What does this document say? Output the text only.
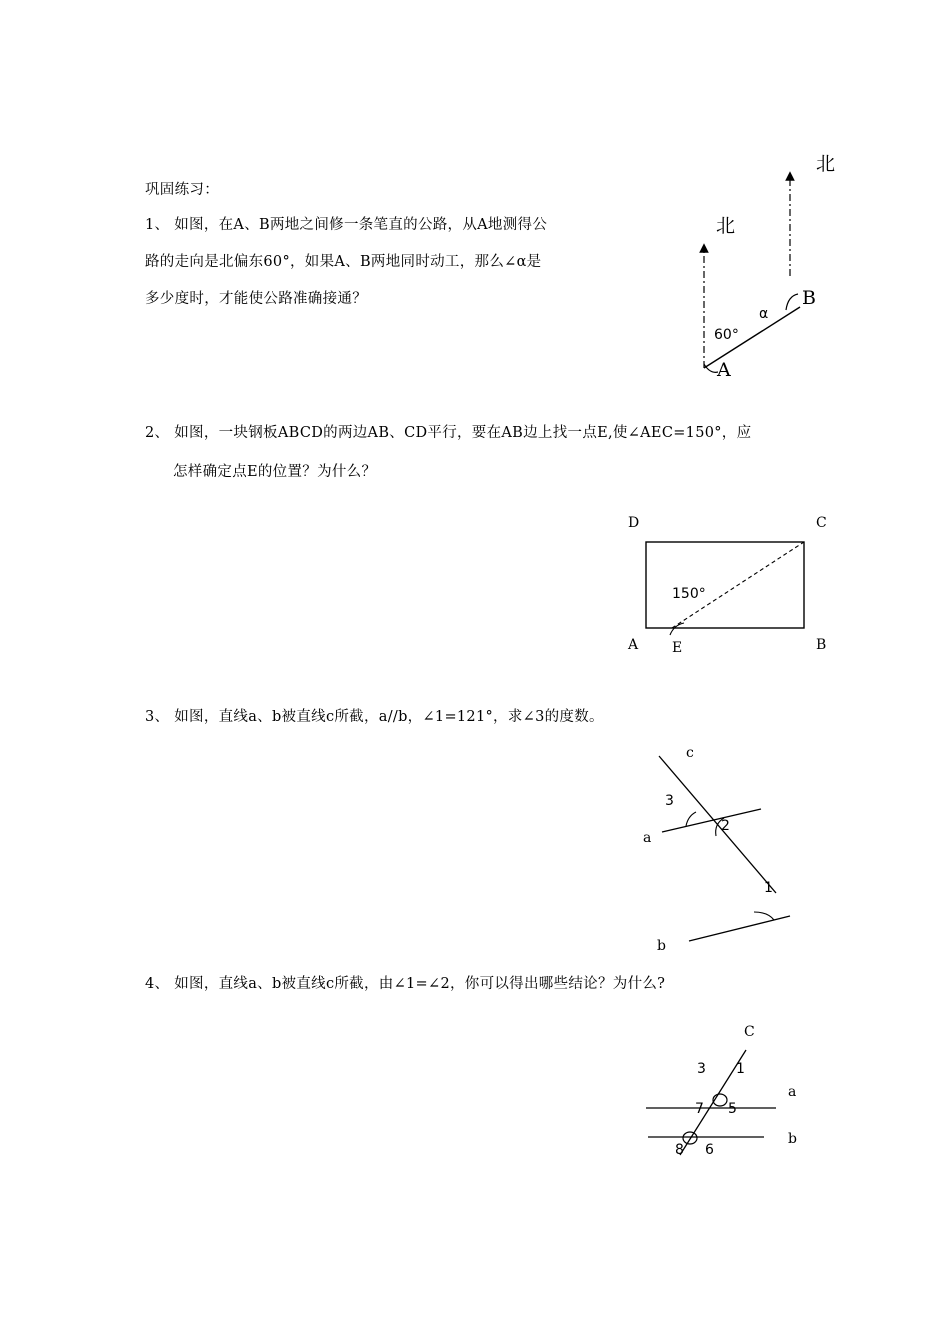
巩固练习：
1、 如图，在A、B两地之间修一条笔直的公路，从A地测得公
路的走向是北偏东60°，如果A、B两地同时动工，那么∠α是
多少度时，才能使公路准确接通？
北
北
B
α
60°
A
2、 如图，一块钢板ABCD的两边AB、CD平行，要在AB边上找一点E,使∠AEC=150°，应
怎样确定点E的位置？为什么？
D	C
150°
A E	B
3、 如图，直线a、b被直线c所截，a//b，∠1=121°，求∠3的度数。
c
3
2
a
1
b
4、 如图，直线a、b被直线c所截，由∠1=∠2，你可以得出哪些结论？为什么?
C
3 1
a
7 5
b
8 6
